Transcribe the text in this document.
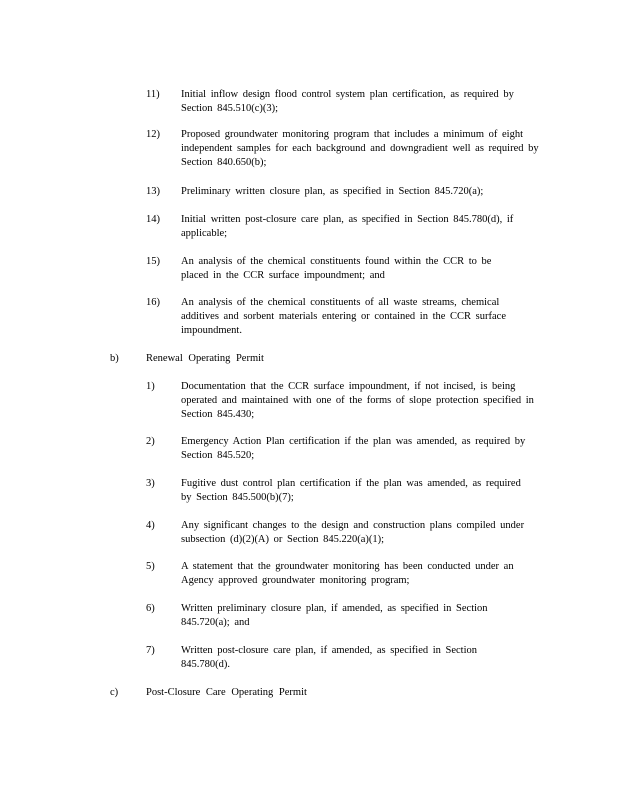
11)	Initial inflow design flood control system plan certification, as required by Section 845.510(c)(3);
12)	Proposed groundwater monitoring program that includes a minimum of eight independent samples for each background and downgradient well as required by Section 840.650(b);
13)	Preliminary written closure plan, as specified in Section 845.720(a);
14)	Initial written post-closure care plan, as specified in Section 845.780(d), if applicable;
15)	An analysis of the chemical constituents found within the CCR to be placed in the CCR surface impoundment; and
16)	An analysis of the chemical constituents of all waste streams, chemical additives and sorbent materials entering or contained in the CCR surface impoundment.
b)	Renewal Operating Permit
1)	Documentation that the CCR surface impoundment, if not incised, is being operated and maintained with one of the forms of slope protection specified in Section 845.430;
2)	Emergency Action Plan certification if the plan was amended, as required by Section 845.520;
3)	Fugitive dust control plan certification if the plan was amended, as required by Section 845.500(b)(7);
4)	Any significant changes to the design and construction plans compiled under subsection (d)(2)(A) or Section 845.220(a)(1);
5)	A statement that the groundwater monitoring has been conducted under an Agency approved groundwater monitoring program;
6)	Written preliminary closure plan, if amended, as specified in Section 845.720(a); and
7)	Written post-closure care plan, if amended, as specified in Section 845.780(d).
c)	Post-Closure Care Operating Permit
